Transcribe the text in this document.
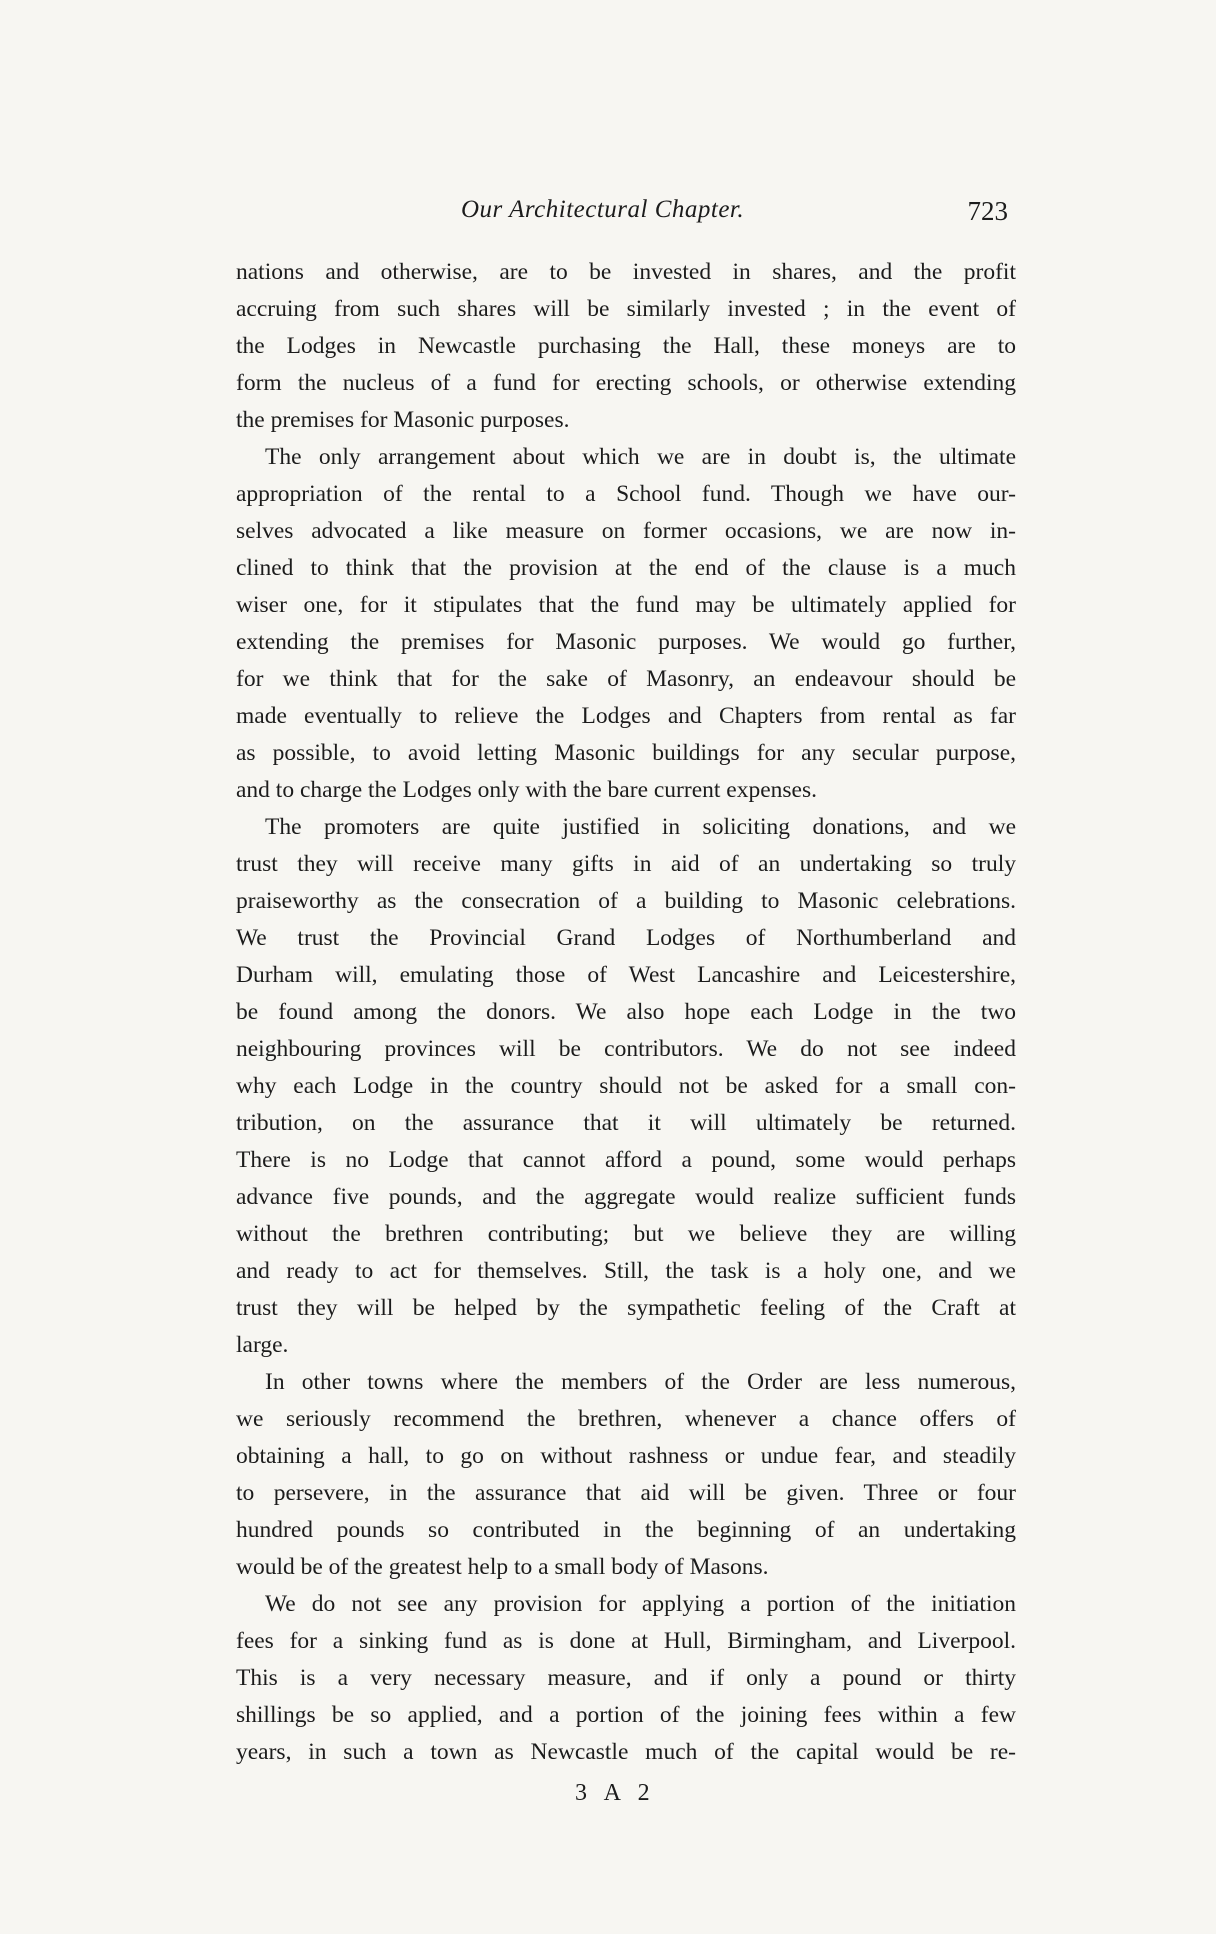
Our Architectural Chapter.	723
nations and otherwise, are to be invested in shares, and the profit
accruing from such shares will be similarly invested ; in the event of
the Lodges in Newcastle purchasing the Hall, these moneys are to
form the nucleus of a fund for erecting schools, or otherwise extending
the premises for Masonic purposes.
The only arrangement about which we are in doubt is, the ultimate
appropriation of the rental to a School fund. Though we have our-
selves advocated a like measure on former occasions, we are now in-
clined to think that the provision at the end of the clause is a much
wiser one, for it stipulates that the fund may be ultimately applied for
extending the premises for Masonic purposes. We would go further,
for we think that for the sake of Masonry, an endeavour should be
made eventually to relieve the Lodges and Chapters from rental as far
as possible, to avoid letting Masonic buildings for any secular purpose,
and to charge the Lodges only with the bare current expenses.
The promoters are quite justified in soliciting donations, and we
trust they will receive many gifts in aid of an undertaking so truly
praiseworthy as the consecration of a building to Masonic celebrations.
We trust the Provincial Grand Lodges of Northumberland and
Durham will, emulating those of West Lancashire and Leicestershire,
be found among the donors. We also hope each Lodge in the two
neighbouring provinces will be contributors. We do not see indeed
why each Lodge in the country should not be asked for a small con-
tribution, on the assurance that it will ultimately be returned.
There is no Lodge that cannot afford a pound, some would perhaps
advance five pounds, and the aggregate would realize sufficient funds
without the brethren contributing; but we believe they are willing
and ready to act for themselves. Still, the task is a holy one, and we
trust they will be helped by the sympathetic feeling of the Craft at
large.
In other towns where the members of the Order are less numerous,
we seriously recommend the brethren, whenever a chance offers of
obtaining a hall, to go on without rashness or undue fear, and steadily
to persevere, in the assurance that aid will be given. Three or four
hundred pounds so contributed in the beginning of an undertaking
would be of the greatest help to a small body of Masons.
We do not see any provision for applying a portion of the initiation
fees for a sinking fund as is done at Hull, Birmingham, and Liverpool.
This is a very necessary measure, and if only a pound or thirty
shillings be so applied, and a portion of the joining fees within a few
years, in such a town as Newcastle much of the capital would be re-
3 A 2
